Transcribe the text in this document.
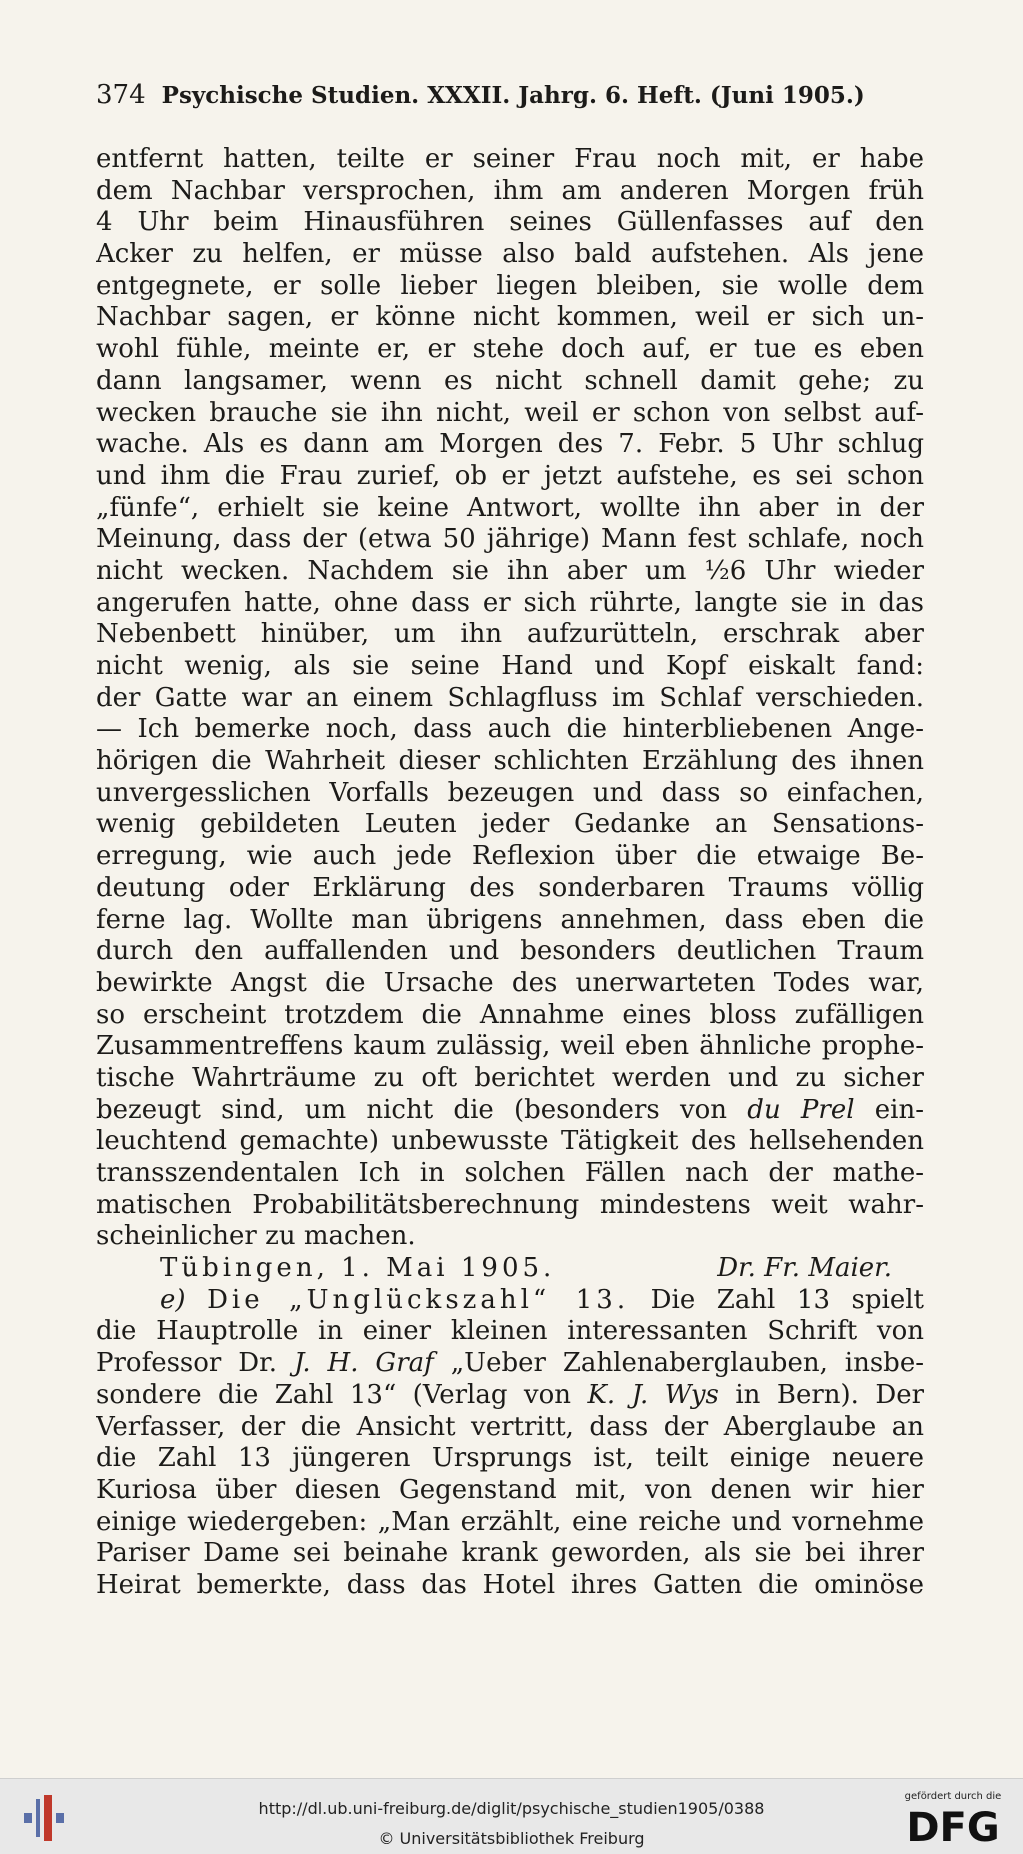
374 Psychische Studien. XXXII. Jahrg. 6. Heft. (Juni 1905.)
entfernt hatten, teilte er seiner Frau noch mit, er habe
dem Nachbar versprochen, ihm am anderen Morgen früh
4 Uhr beim Hinausführen seines Güllenfasses auf den
Acker zu helfen, er müsse also bald aufstehen. Als jene
entgegnete, er solle lieber liegen bleiben, sie wolle dem
Nachbar sagen, er könne nicht kommen, weil er sich un-
wohl fühle, meinte er, er stehe doch auf, er tue es eben
dann langsamer, wenn es nicht schnell damit gehe; zu
wecken brauche sie ihn nicht, weil er schon von selbst auf-
wache. Als es dann am Morgen des 7. Febr. 5 Uhr schlug
und ihm die Frau zurief, ob er jetzt aufstehe, es sei schon
„fünfe“, erhielt sie keine Antwort, wollte ihn aber in der
Meinung, dass der (etwa 50 jährige) Mann fest schlafe, noch
nicht wecken. Nachdem sie ihn aber um ½6 Uhr wieder
angerufen hatte, ohne dass er sich rührte, langte sie in das
Nebenbett hinüber, um ihn aufzurütteln, erschrak aber
nicht wenig, als sie seine Hand und Kopf eiskalt fand:
der Gatte war an einem Schlagfluss im Schlaf verschieden.
— Ich bemerke noch, dass auch die hinterbliebenen Ange-
hörigen die Wahrheit dieser schlichten Erzählung des ihnen
unvergesslichen Vorfalls bezeugen und dass so einfachen,
wenig gebildeten Leuten jeder Gedanke an Sensations-
erregung, wie auch jede Reflexion über die etwaige Be-
deutung oder Erklärung des sonderbaren Traums völlig
ferne lag. Wollte man übrigens annehmen, dass eben die
durch den auffallenden und besonders deutlichen Traum
bewirkte Angst die Ursache des unerwarteten Todes war,
so erscheint trotzdem die Annahme eines bloss zufälligen
Zusammentreffens kaum zulässig, weil eben ähnliche prophe-
tische Wahrträume zu oft berichtet werden und zu sicher
bezeugt sind, um nicht die (besonders von du Prel ein-
leuchtend gemachte) unbewusste Tätigkeit des hellsehenden
transszendentalen Ich in solchen Fällen nach der mathe-
matischen Probabilitätsberechnung mindestens weit wahr-
scheinlicher zu machen.
Tübingen, 1. Mai 1905.	Dr. Fr. Maier.
e) Die „Unglückszahl“ 13. Die Zahl 13 spielt
die Hauptrolle in einer kleinen interessanten Schrift von
Professor Dr. J. H. Graf „Ueber Zahlenaberglauben, insbe-
sondere die Zahl 13“ (Verlag von K. J. Wys in Bern). Der
Verfasser, der die Ansicht vertritt, dass der Aberglaube an
die Zahl 13 jüngeren Ursprungs ist, teilt einige neuere
Kuriosa über diesen Gegenstand mit, von denen wir hier
einige wiedergeben: „Man erzählt, eine reiche und vornehme
Pariser Dame sei beinahe krank geworden, als sie bei ihrer
Heirat bemerkte, dass das Hotel ihres Gatten die ominöse
http://dl.ub.uni-freiburg.de/diglit/psychische_studien1905/0388
© Universitätsbibliothek Freiburg
gefördert durch die
DFG
